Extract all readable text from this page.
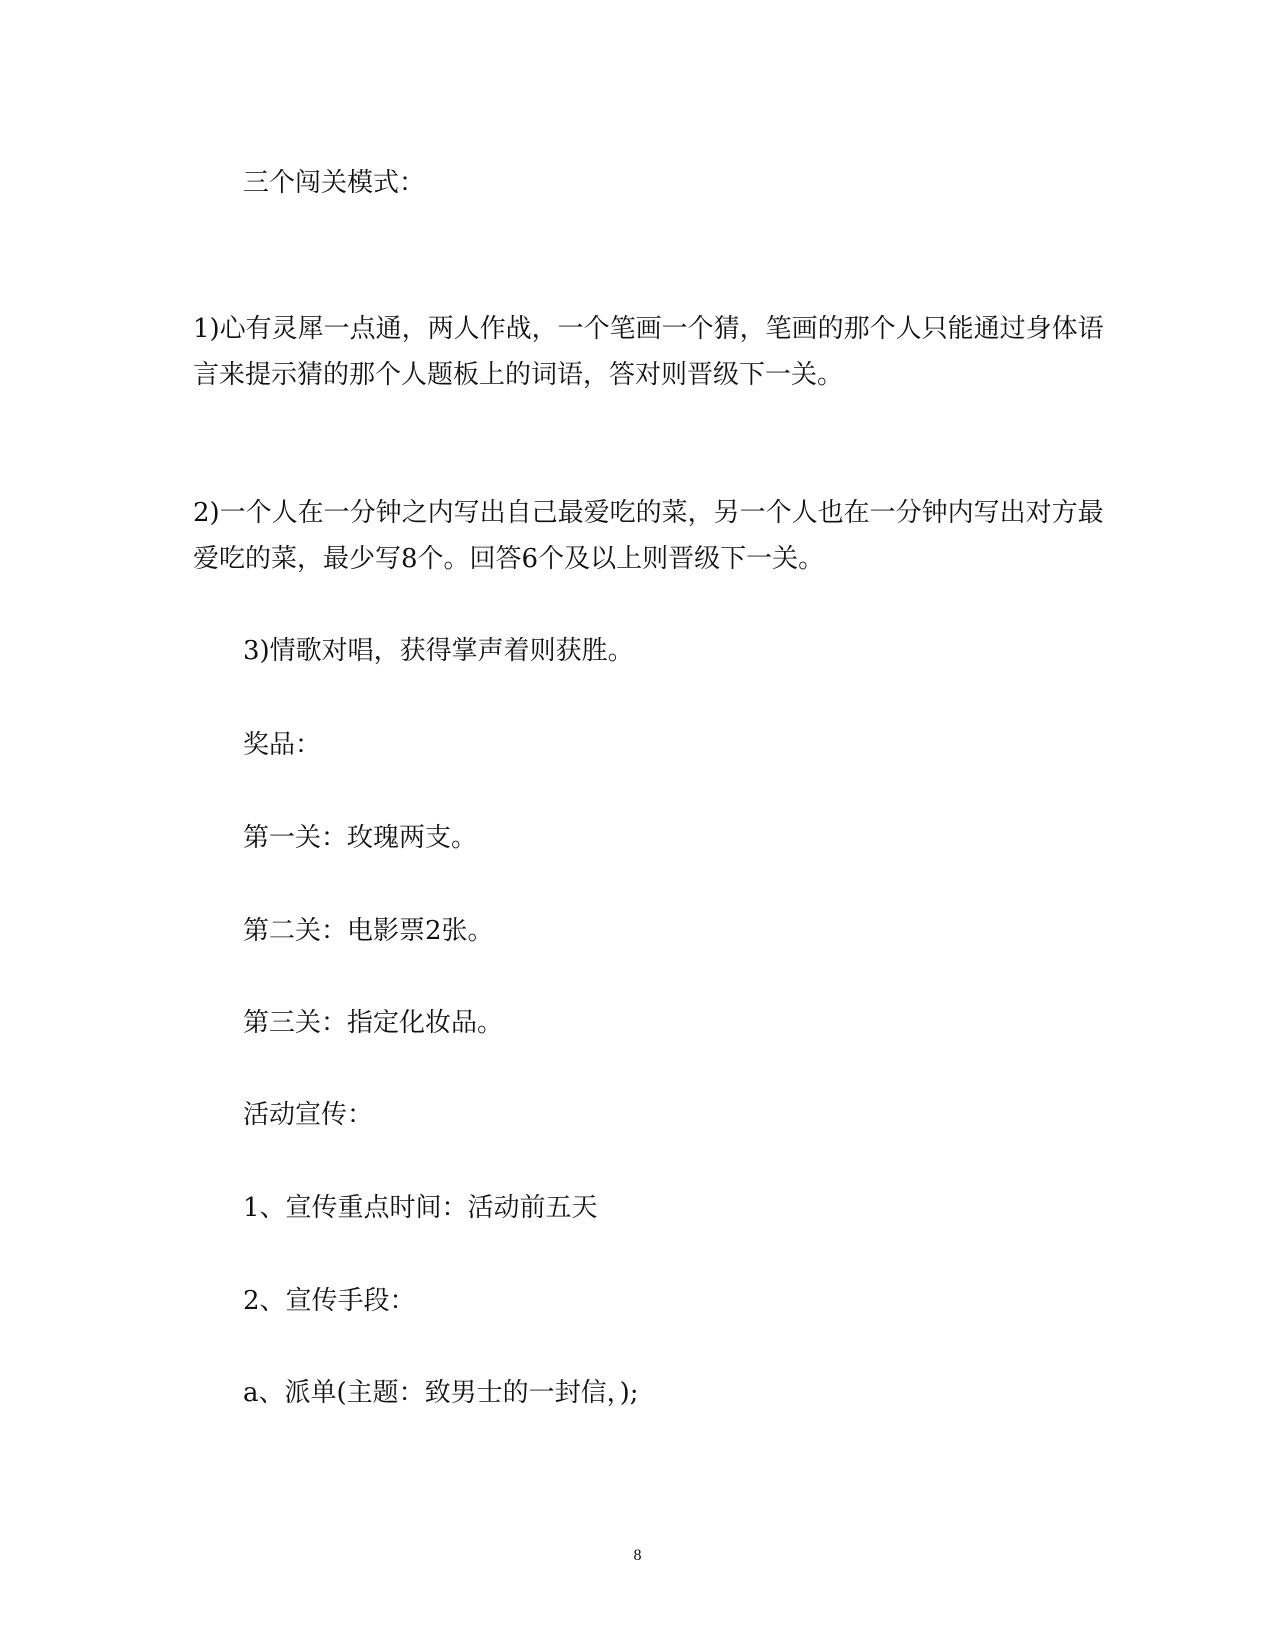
三个闯关模式：
1)心有灵犀一点通，两人作战，一个笔画一个猜，笔画的那个人只能通过身体语
言来提示猜的那个人题板上的词语，答对则晋级下一关。
2)一个人在一分钟之内写出自己最爱吃的菜，另一个人也在一分钟内写出对方最
爱吃的菜，最少写8个。回答6个及以上则晋级下一关。
3)情歌对唱，获得掌声着则获胜。
奖品：
第一关：玫瑰两支。
第二关：电影票2张。
第三关：指定化妆品。
活动宣传：
1、宣传重点时间：活动前五天
2、宣传手段：
a、派单(主题：致男士的一封信，);
8
